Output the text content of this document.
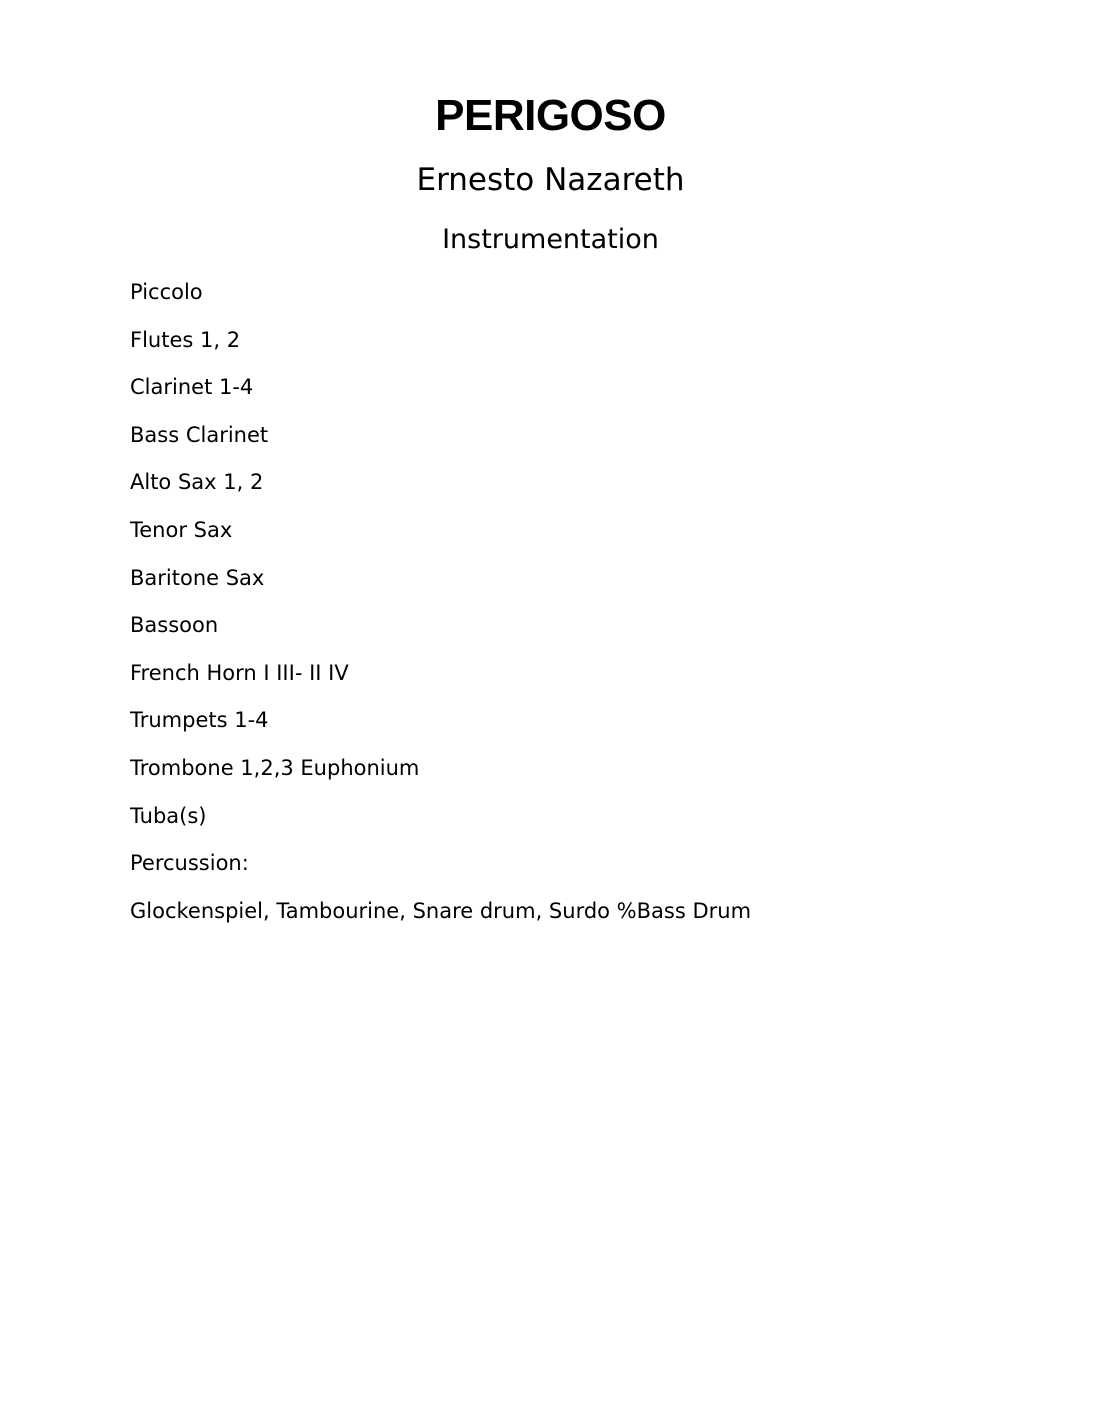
PERIGOSO
Ernesto Nazareth
Instrumentation
Piccolo
Flutes 1, 2
Clarinet 1-4
Bass Clarinet
Alto Sax 1, 2
Tenor Sax
Baritone Sax
Bassoon
French Horn I III- II IV
Trumpets 1-4
Trombone 1,2,3 Euphonium
Tuba(s)
Percussion:
Glockenspiel, Tambourine, Snare drum, Surdo %Bass Drum
